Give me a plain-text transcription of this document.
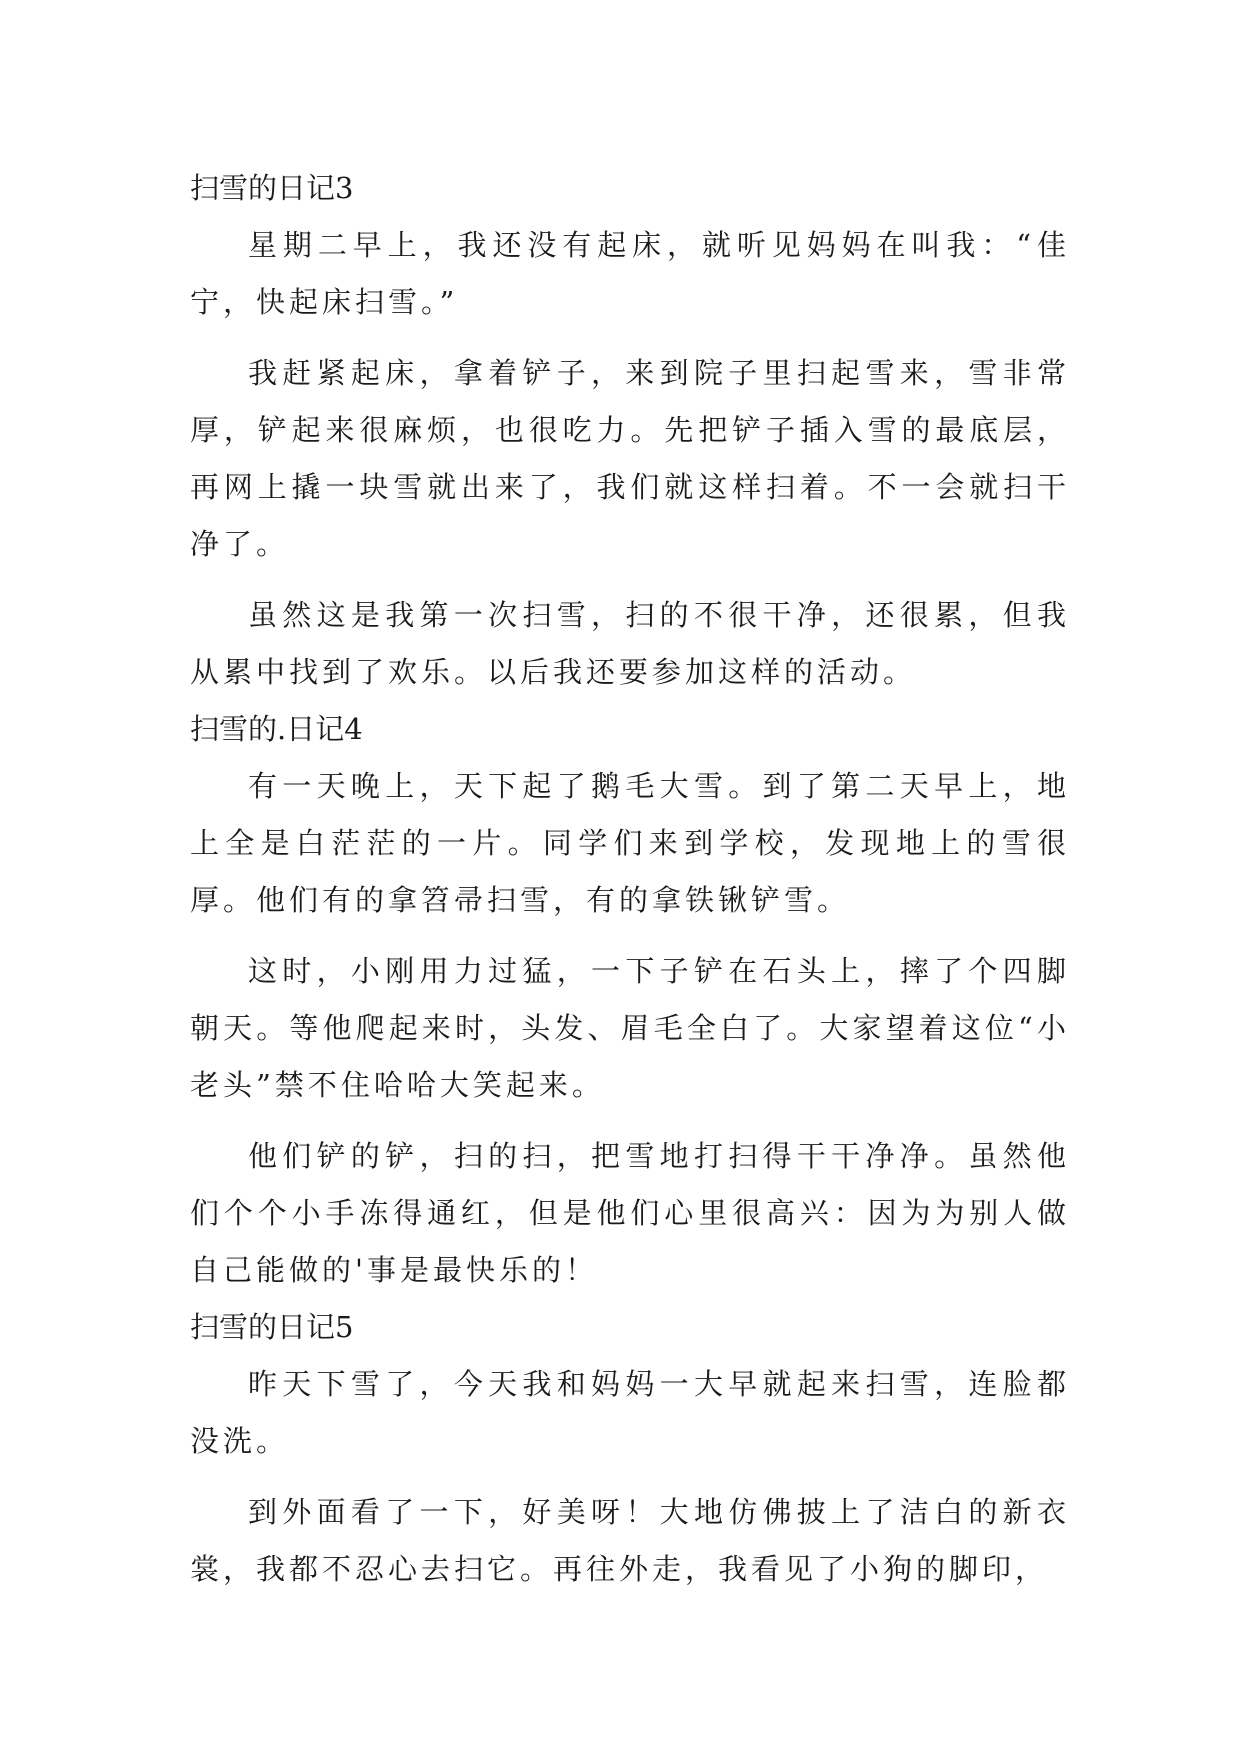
扫雪的日记3

星期二早上，我还没有起床，就听见妈妈在叫我：“佳宁，快起床扫雪。”

我赶紧起床，拿着铲子，来到院子里扫起雪来，雪非常厚，铲起来很麻烦，也很吃力。先把铲子插入雪的最底层，再网上撬一块雪就出来了，我们就这样扫着。不一会就扫干净了。

虽然这是我第一次扫雪，扫的不很干净，还很累，但我从累中找到了欢乐。以后我还要参加这样的活动。

扫雪的.日记4

有一天晚上，天下起了鹅毛大雪。到了第二天早上，地上全是白茫茫的一片。同学们来到学校，发现地上的雪很厚。他们有的拿笤帚扫雪，有的拿铁锹铲雪。

这时，小刚用力过猛，一下子铲在石头上，摔了个四脚朝天。等他爬起来时，头发、眉毛全白了。大家望着这位“小老头”禁不住哈哈大笑起来。

他们铲的铲，扫的扫，把雪地打扫得干干净净。虽然他们个个小手冻得通红，但是他们心里很高兴：因为为别人做自己能做的'事是最快乐的！

扫雪的日记5

昨天下雪了，今天我和妈妈一大早就起来扫雪，连脸都没洗。

到外面看了一下，好美呀！大地仿佛披上了洁白的新衣裳，我都不忍心去扫它。再往外走，我看见了小狗的脚印，
